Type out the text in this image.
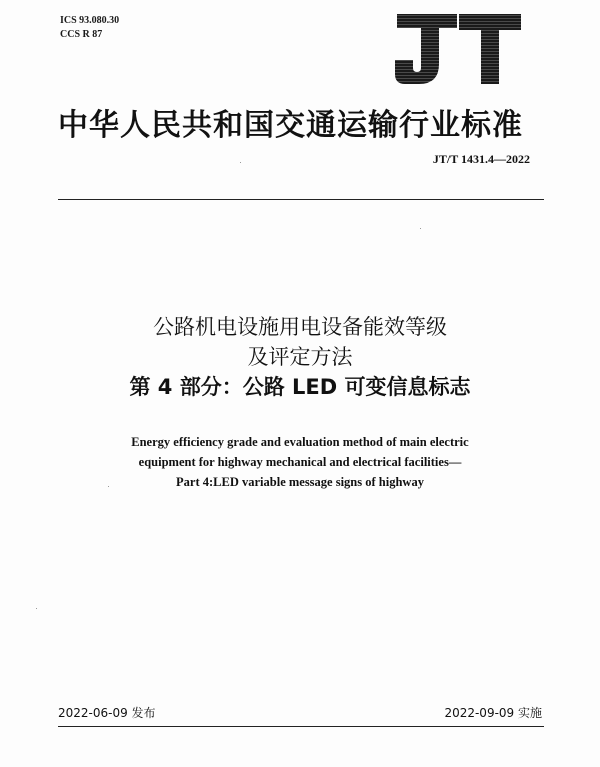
ICS 93.080.30
CCS R 87
中华人民共和国交通运输行业标准
JT/T 1431.4—2022
公路机电设施用电设备能效等级
及评定方法
第 4 部分：公路 LED 可变信息标志
Energy efficiency grade and evaluation method of main electric
equipment for highway mechanical and electrical facilities—
Part 4:LED variable message signs of highway
2022-06-09 发布	2022-09-09 实施
